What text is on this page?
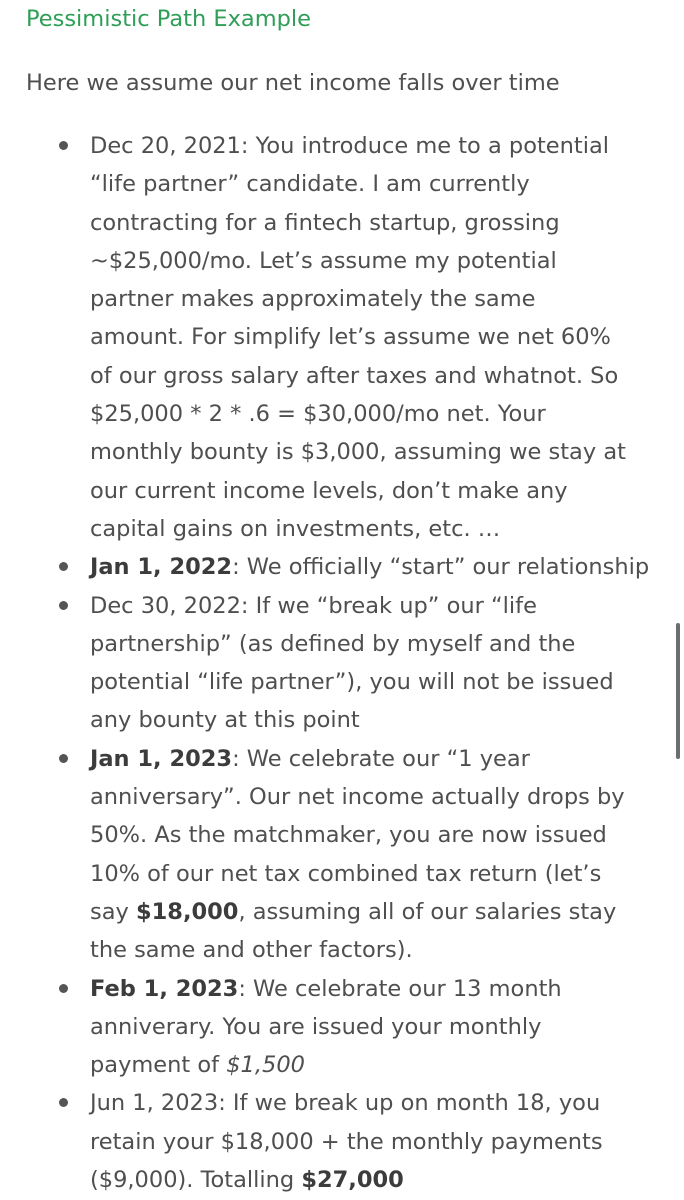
Pessimistic Path Example
Here we assume our net income falls over time
Dec 20, 2021: You introduce me to a potential
“life partner” candidate. I am currently
contracting for a fintech startup, grossing
~$25,000/mo. Let’s assume my potential
partner makes approximately the same
amount. For simplify let’s assume we net 60%
of our gross salary after taxes and whatnot. So
$25,000 * 2 * .6 = $30,000/mo net. Your
monthly bounty is $3,000, assuming we stay at
our current income levels, don’t make any
capital gains on investments, etc. …
Jan 1, 2022: We officially “start” our relationship
Dec 30, 2022: If we “break up” our “life
partnership” (as defined by myself and the
potential “life partner”), you will not be issued
any bounty at this point
Jan 1, 2023: We celebrate our “1 year
anniversary”. Our net income actually drops by
50%. As the matchmaker, you are now issued
10% of our net tax combined tax return (let’s
say $18,000, assuming all of our salaries stay
the same and other factors).
Feb 1, 2023: We celebrate our 13 month
anniverary. You are issued your monthly
payment of $1,500
Jun 1, 2023: If we break up on month 18, you
retain your $18,000 + the monthly payments
($9,000). Totalling $27,000
